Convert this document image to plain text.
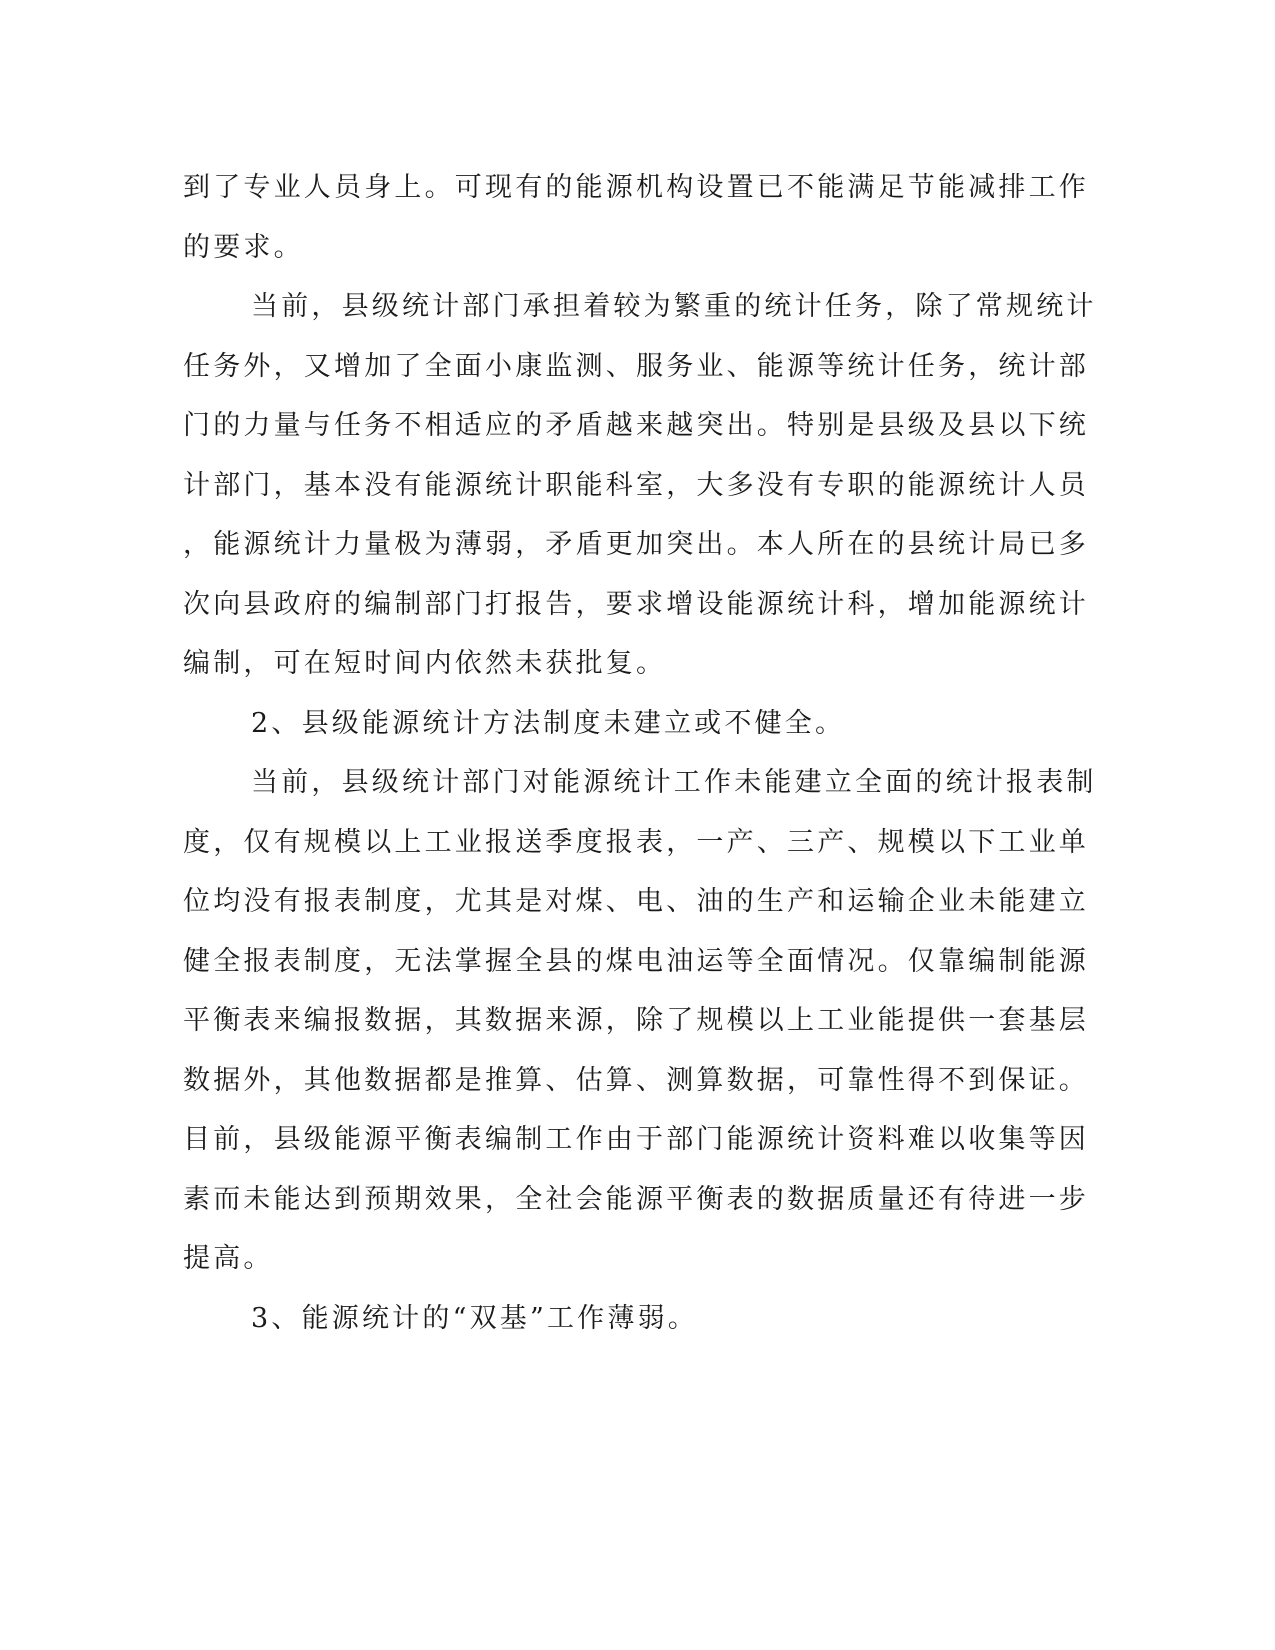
到了专业人员身上。可现有的能源机构设置已不能满足节能减排工作
的要求。
当前，县级统计部门承担着较为繁重的统计任务，除了常规统计
任务外，又增加了全面小康监测、服务业、能源等统计任务，统计部
门的力量与任务不相适应的矛盾越来越突出。特别是县级及县以下统
计部门，基本没有能源统计职能科室，大多没有专职的能源统计人员
，能源统计力量极为薄弱，矛盾更加突出。本人所在的县统计局已多
次向县政府的编制部门打报告，要求增设能源统计科，增加能源统计
编制，可在短时间内依然未获批复。
2、县级能源统计方法制度未建立或不健全。
当前，县级统计部门对能源统计工作未能建立全面的统计报表制
度，仅有规模以上工业报送季度报表，一产、三产、规模以下工业单
位均没有报表制度，尤其是对煤、电、油的生产和运输企业未能建立
健全报表制度，无法掌握全县的煤电油运等全面情况。仅靠编制能源
平衡表来编报数据，其数据来源，除了规模以上工业能提供一套基层
数据外，其他数据都是推算、估算、测算数据，可靠性得不到保证。
目前，县级能源平衡表编制工作由于部门能源统计资料难以收集等因
素而未能达到预期效果，全社会能源平衡表的数据质量还有待进一步
提高。
3、能源统计的“双基”工作薄弱。
